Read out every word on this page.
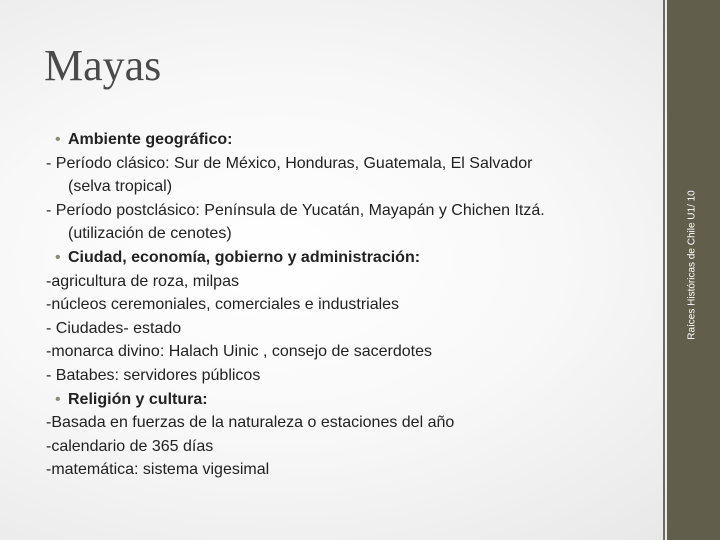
Raíces Históricas de Chile U1/ 10
Mayas
• Ambiente geográfico:
- Período clásico: Sur de México, Honduras, Guatemala, El Salvador
(selva tropical)
- Período postclásico: Península de Yucatán, Mayapán y Chichen Itzá.
(utilización de cenotes)
• Ciudad, economía, gobierno y administración:
-agricultura de roza, milpas
-núcleos ceremoniales, comerciales e industriales
- Ciudades- estado
-monarca divino: Halach Uinic , consejo de sacerdotes
- Batabes: servidores públicos
• Religión y cultura:
-Basada en fuerzas de la naturaleza o estaciones del año
-calendario de 365 días
-matemática: sistema vigesimal
